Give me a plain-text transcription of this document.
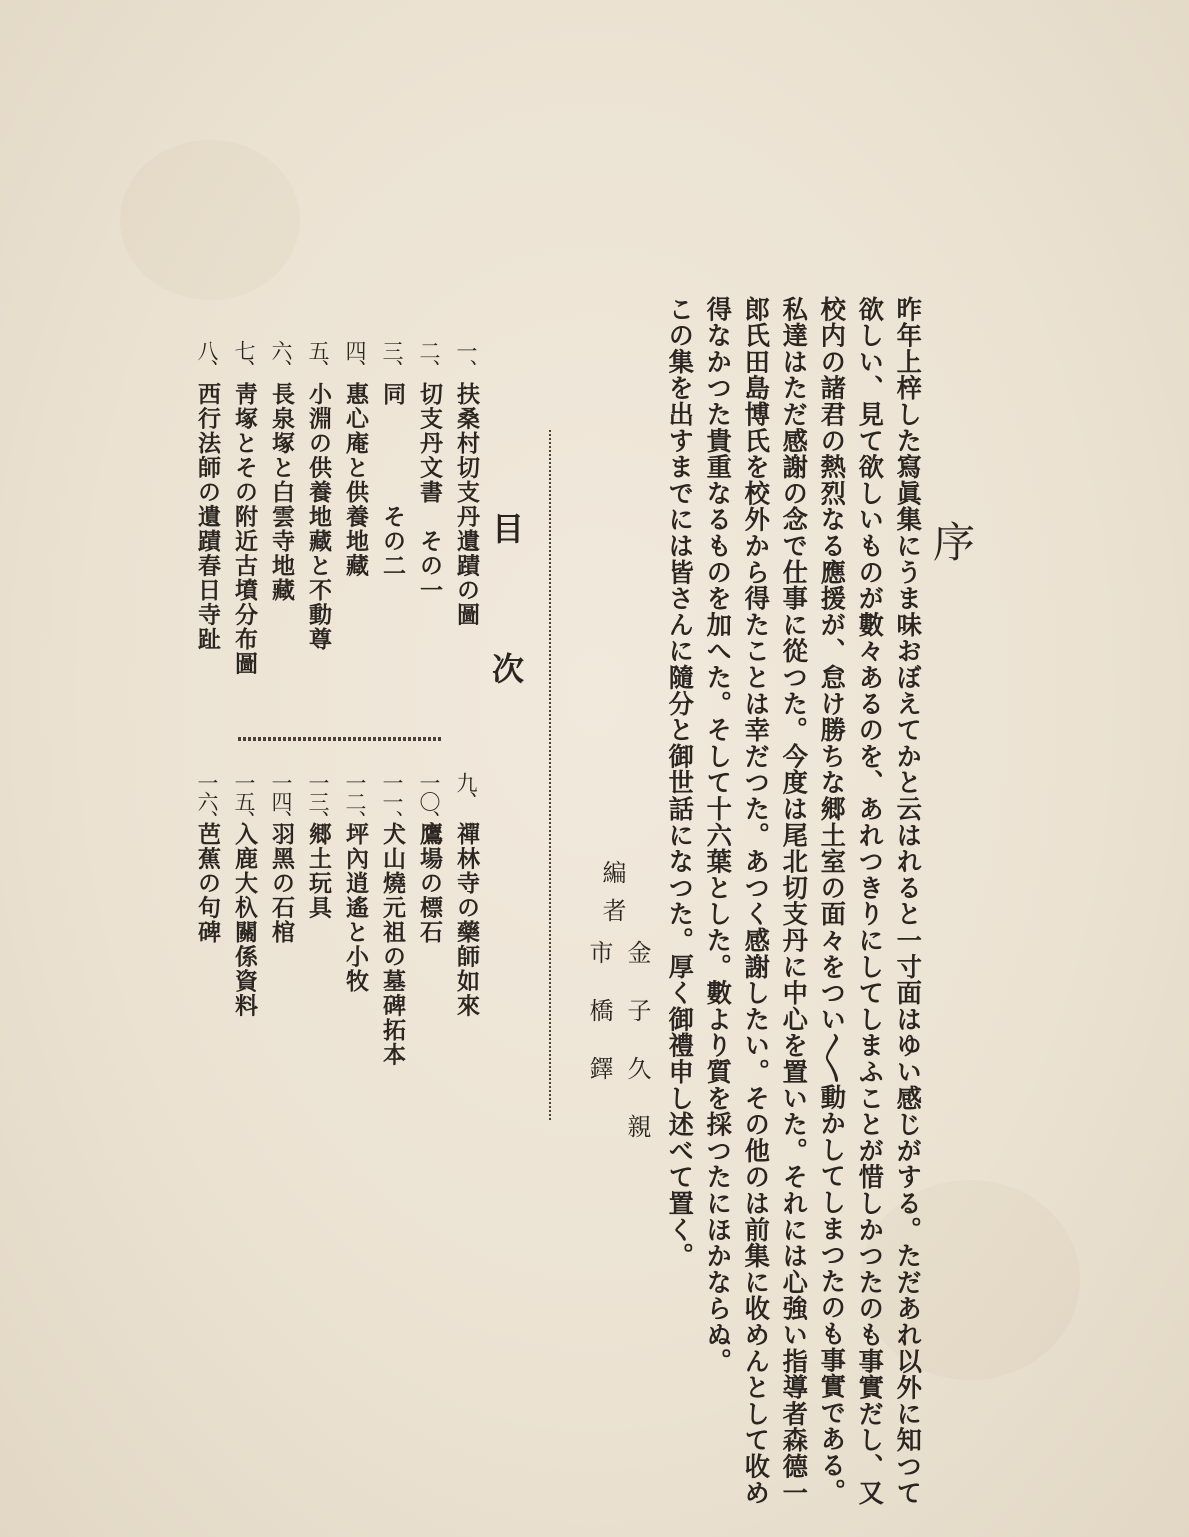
序
昨年上梓した寫眞集にうま味おぼえてかと云はれると一寸面はゆい感じがする。ただあれ以外に知つて
欲しい、見て欲しいものが數々あるのを、あれつきりにしてしまふことが惜しかつたのも事實だし、又
校内の諸君の熱烈なる應援が、怠け勝ちな郷土室の面々をつい〳〵動かしてしまつたのも事實である。
私達はただ感謝の念で仕事に從つた。今度は尾北切支丹に中心を置いた。それには心強い指導者森德一
郎氏田島博氏を校外から得たことは幸だつた。あつく感謝したい。その他のは前集に收めんとして收め
得なかつた貴重なるものを加へた。そして十六葉とした。數より質を採つたにほかならぬ。
この集を出すまでには皆さんに隨分と御世話になつた。厚く御禮申し述べて置く。
編者
金子久親
市橋鐸
目次
一、
扶桑村切支丹遺蹟の圖
二、
切支丹文書　その一
三、
同　　　　その二
四、
惠心庵と供養地藏
五、
小淵の供養地藏と不動尊
六、
長泉塚と白雲寺地藏
七、
靑塚とその附近古墳分布圖
八、
西行法師の遺蹟春日寺趾
九、
禪林寺の藥師如來
一〇、
鷹場の標石
一一、
犬山燒元祖の墓碑拓本
一二、
坪內逍遙と小牧
一三、
郷土玩具
一四、
羽黑の石棺
一五、
入鹿大杁關係資料
一六、
芭蕉の句碑
